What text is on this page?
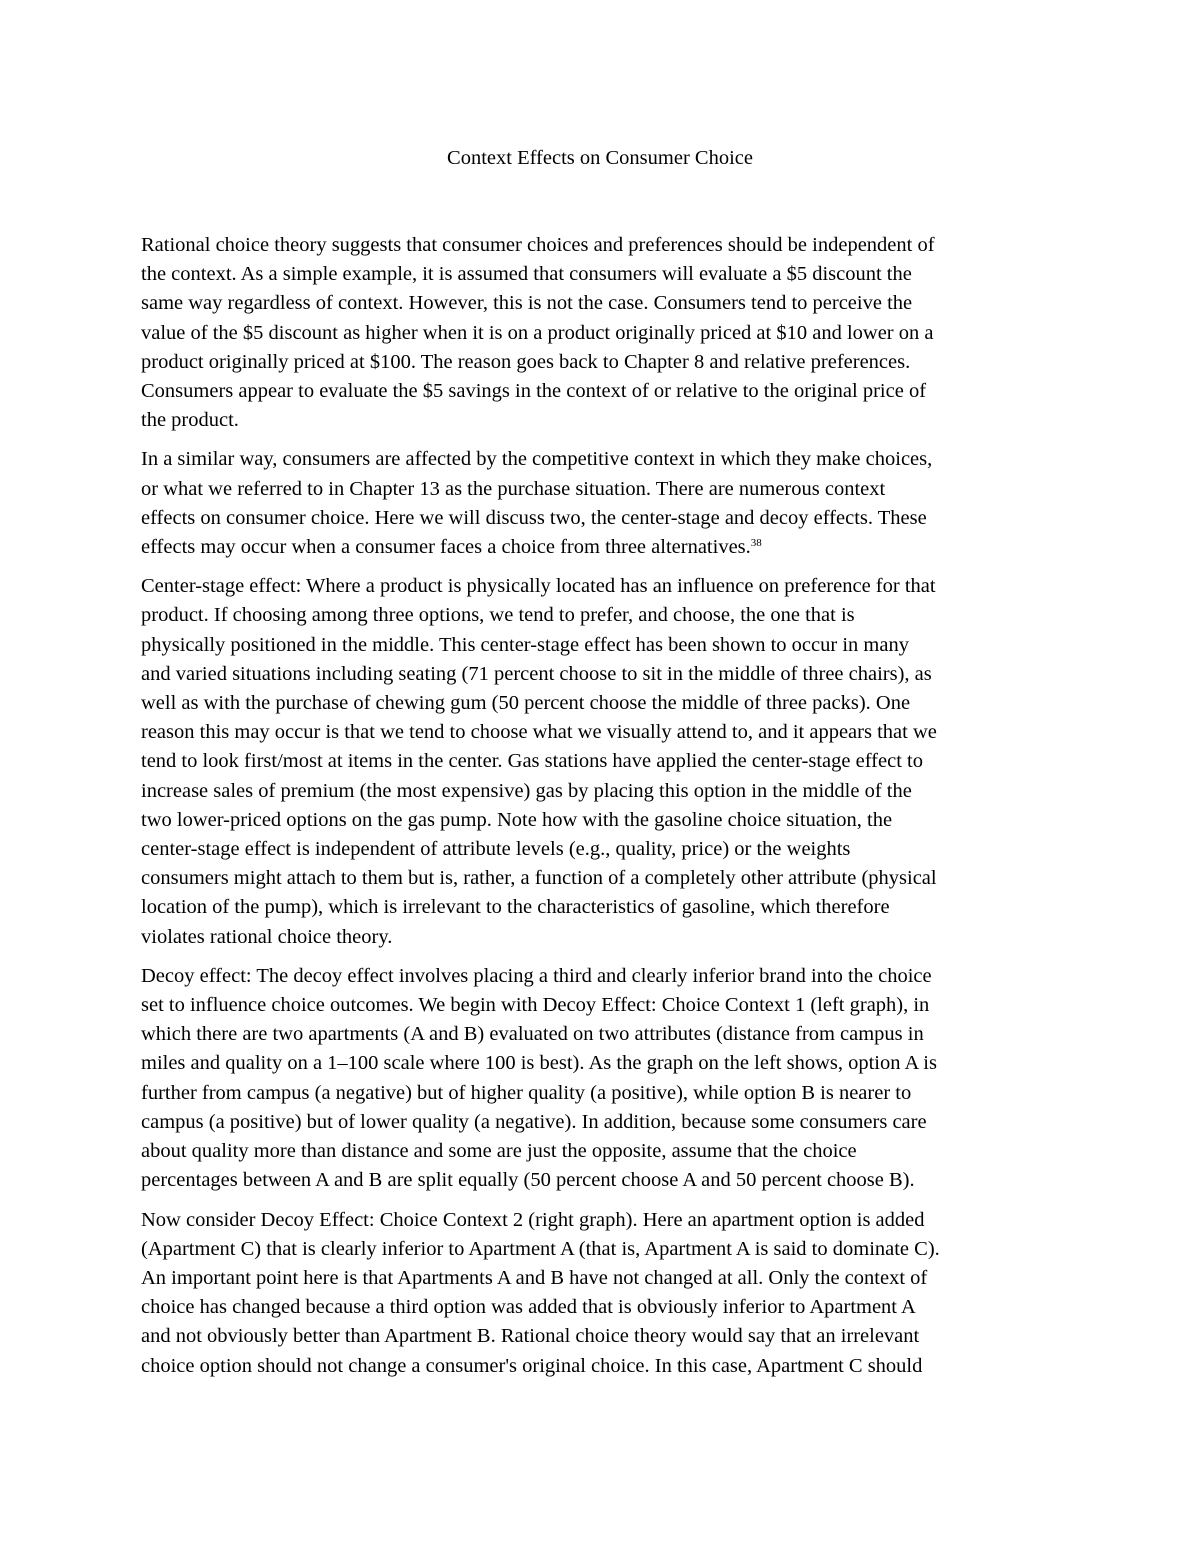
Context Effects on Consumer Choice

Rational choice theory suggests that consumer choices and preferences should be independent of
the context. As a simple example, it is assumed that consumers will evaluate a $5 discount the
same way regardless of context. However, this is not the case. Consumers tend to perceive the
value of the $5 discount as higher when it is on a product originally priced at $10 and lower on a
product originally priced at $100. The reason goes back to Chapter 8 and relative preferences.
Consumers appear to evaluate the $5 savings in the context of or relative to the original price of
the product.

In a similar way, consumers are affected by the competitive context in which they make choices,
or what we referred to in Chapter 13 as the purchase situation. There are numerous context
effects on consumer choice. Here we will discuss two, the center-stage and decoy effects. These
effects may occur when a consumer faces a choice from three alternatives.$^{38}$

Center-stage effect: Where a product is physically located has an influence on preference for that
product. If choosing among three options, we tend to prefer, and choose, the one that is
physically positioned in the middle. This center-stage effect has been shown to occur in many
and varied situations including seating (71 percent choose to sit in the middle of three chairs), as
well as with the purchase of chewing gum (50 percent choose the middle of three packs). One
reason this may occur is that we tend to choose what we visually attend to, and it appears that we
tend to look first/most at items in the center. Gas stations have applied the center-stage effect to
increase sales of premium (the most expensive) gas by placing this option in the middle of the
two lower-priced options on the gas pump. Note how with the gasoline choice situation, the
center-stage effect is independent of attribute levels (e.g., quality, price) or the weights
consumers might attach to them but is, rather, a function of a completely other attribute (physical
location of the pump), which is irrelevant to the characteristics of gasoline, which therefore
violates rational choice theory.

Decoy effect: The decoy effect involves placing a third and clearly inferior brand into the choice
set to influence choice outcomes. We begin with Decoy Effect: Choice Context 1 (left graph), in
which there are two apartments (A and B) evaluated on two attributes (distance from campus in
miles and quality on a 1–100 scale where 100 is best). As the graph on the left shows, option A is
further from campus (a negative) but of higher quality (a positive), while option B is nearer to
campus (a positive) but of lower quality (a negative). In addition, because some consumers care
about quality more than distance and some are just the opposite, assume that the choice
percentages between A and B are split equally (50 percent choose A and 50 percent choose B).

Now consider Decoy Effect: Choice Context 2 (right graph). Here an apartment option is added
(Apartment C) that is clearly inferior to Apartment A (that is, Apartment A is said to dominate C).
An important point here is that Apartments A and B have not changed at all. Only the context of
choice has changed because a third option was added that is obviously inferior to Apartment A
and not obviously better than Apartment B. Rational choice theory would say that an irrelevant
choice option should not change a consumer's original choice. In this case, Apartment C should
